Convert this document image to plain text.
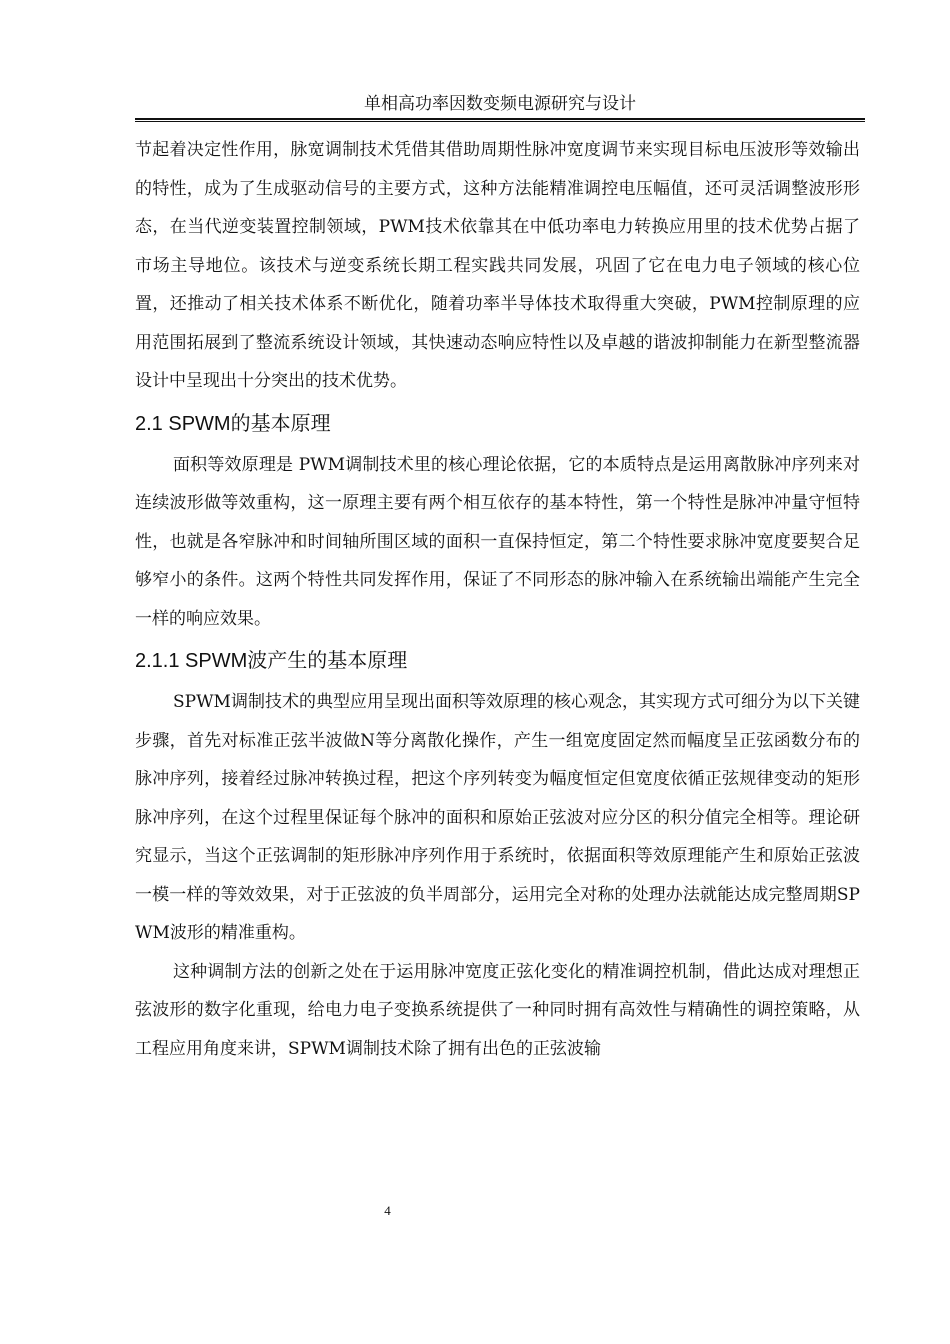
单相高功率因数变频电源研究与设计

节起着决定性作用，脉宽调制技术凭借其借助周期性脉冲宽度调节来实现目标电压波形等效输出的特性，成为了生成驱动信号的主要方式，这种方法能精准调控电压幅值，还可灵活调整波形形态，在当代逆变装置控制领域，PWM技术依靠其在中低功率电力转换应用里的技术优势占据了市场主导地位。该技术与逆变系统长期工程实践共同发展，巩固了它在电力电子领域的核心位置，还推动了相关技术体系不断优化，随着功率半导体技术取得重大突破，PWM控制原理的应用范围拓展到了整流系统设计领域，其快速动态响应特性以及卓越的谐波抑制能力在新型整流器设计中呈现出十分突出的技术优势。

2.1 SPWM的基本原理

面积等效原理是 PWM调制技术里的核心理论依据，它的本质特点是运用离散脉冲序列来对连续波形做等效重构，这一原理主要有两个相互依存的基本特性，第一个特性是脉冲冲量守恒特性，也就是各窄脉冲和时间轴所围区域的面积一直保持恒定，第二个特性要求脉冲宽度要契合足够窄小的条件。这两个特性共同发挥作用，保证了不同形态的脉冲输入在系统输出端能产生完全一样的响应效果。

2.1.1 SPWM波产生的基本原理

SPWM调制技术的典型应用呈现出面积等效原理的核心观念，其实现方式可细分为以下关键步骤，首先对标准正弦半波做N等分离散化操作，产生一组宽度固定然而幅度呈正弦函数分布的脉冲序列，接着经过脉冲转换过程，把这个序列转变为幅度恒定但宽度依循正弦规律变动的矩形脉冲序列，在这个过程里保证每个脉冲的面积和原始正弦波对应分区的积分值完全相等。理论研究显示，当这个正弦调制的矩形脉冲序列作用于系统时，依据面积等效原理能产生和原始正弦波一模一样的等效效果，对于正弦波的负半周部分，运用完全对称的处理办法就能达成完整周期SPWM波形的精准重构。

这种调制方法的创新之处在于运用脉冲宽度正弦化变化的精准调控机制，借此达成对理想正弦波形的数字化重现，给电力电子变换系统提供了一种同时拥有高效性与精确性的调控策略，从工程应用角度来讲，SPWM调制技术除了拥有出色的正弦波输

4
